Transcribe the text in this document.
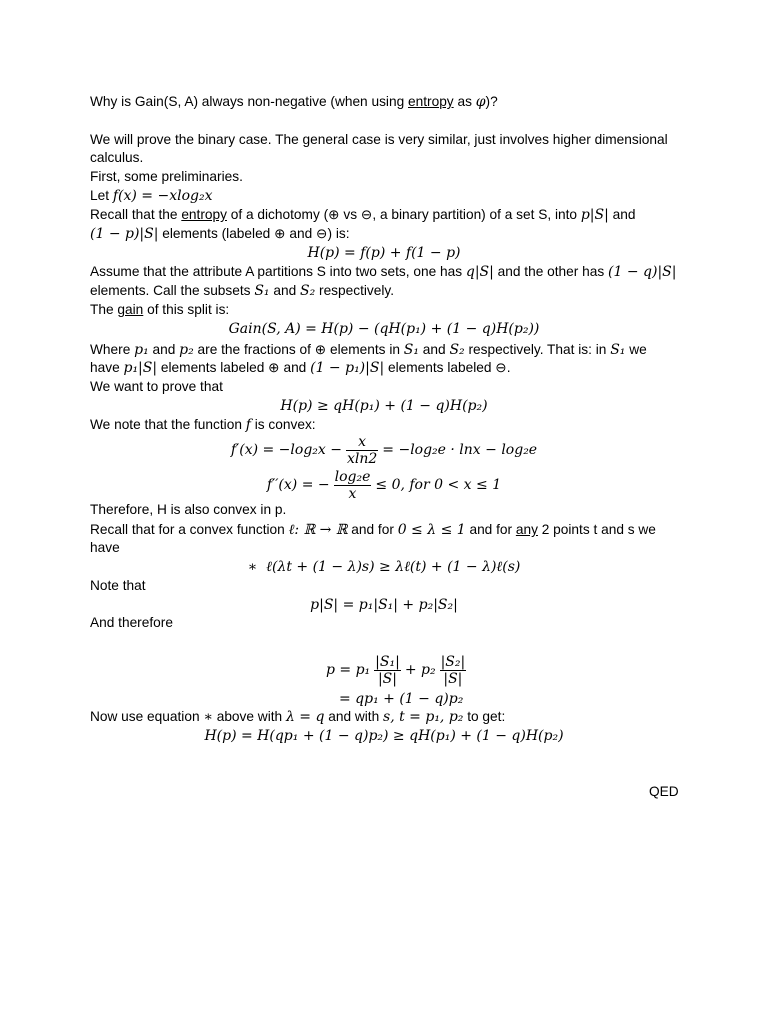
Why is Gain(S, A) always non-negative (when using entropy as φ)?
We will prove the binary case. The general case is very similar, just involves higher dimensional
calculus.
First, some preliminaries.
Let f(x) = −xlog₂x
Recall that the entropy of a dichotomy (⊕ vs ⊖, a binary partition) of a set S, into p|S| and
(1 − p)|S| elements (labeled ⊕ and ⊖) is:
H(p) = f(p) + f(1 − p)
Assume that the attribute A partitions S into two sets, one has q|S| and the other has (1 − q)|S|
elements. Call the subsets S₁ and S₂ respectively.
The gain of this split is:
Gain(S, A) = H(p) − (qH(p₁) + (1 − q)H(p₂))
Where p₁ and p₂ are the fractions of ⊕ elements in S₁ and S₂ respectively. That is: in S₁ we
have p₁|S| elements labeled ⊕ and (1 − p₁)|S| elements labeled ⊖.
We want to prove that
H(p) ≥ qH(p₁) + (1 − q)H(p₂)
We note that the function f is convex:
$f'(x) = -\log_2x - \frac{x}{xln2} = -\log_2e \cdot \ln x - \log_2e$
f′′(x) = − $\frac{\text{log₂e}}{x} \le 0$, for 0 < x ≤ 1
Therefore, H is also convex in p.
Recall that for a convex function ℓ: ℝ → ℝ and for 0 ≤ λ ≤ 1 and for any 2 points t and s we
have
∗ ℓ(λt + (1 − λ)s) ≥ λℓ(t) + (1 − λ)ℓ(s)
Note that
p|S| = p₁|S₁| + p₂|S₂|
And therefore
$p = p_1 \frac{\text{|S₁|}}{|S|} + p_2 \frac{\text{|S₂|}}{|S|}$
= qp₁ + (1 − q)p₂
Now use equation ∗ above with λ = q and with s, t = p₁, p₂ to get:
H(p) = H(qp₁ + (1 − q)p₂) ≥ qH(p₁) + (1 − q)H(p₂)
QED
